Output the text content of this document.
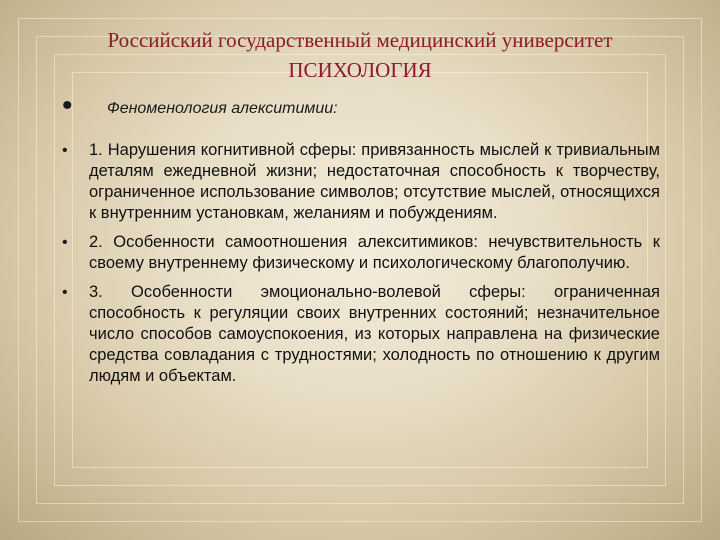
Российский государственный медицинский университет
ПСИХОЛОГИЯ
• Феноменология алекситимии:
• 1. Нарушения когнитивной сферы: привязанность мыслей к тривиальным деталям ежедневной жизни; недостаточная способность к творчеству, ограниченное использование символов; отсутствие мыслей, относящихся к внутренним установкам, желаниям и побуждениям.
• 2. Особенности самоотношения алекситимиков: нечувствительность к своему внутреннему физическому и психологическому благополучию.
• 3. Особенности эмоционально-волевой сферы: ограниченная способность к регуляции своих внутренних состояний; незначительное число способов самоуспокоения, из которых направлена на физические средства совладания с трудностями; холодность по отношению к другим людям и объектам.
